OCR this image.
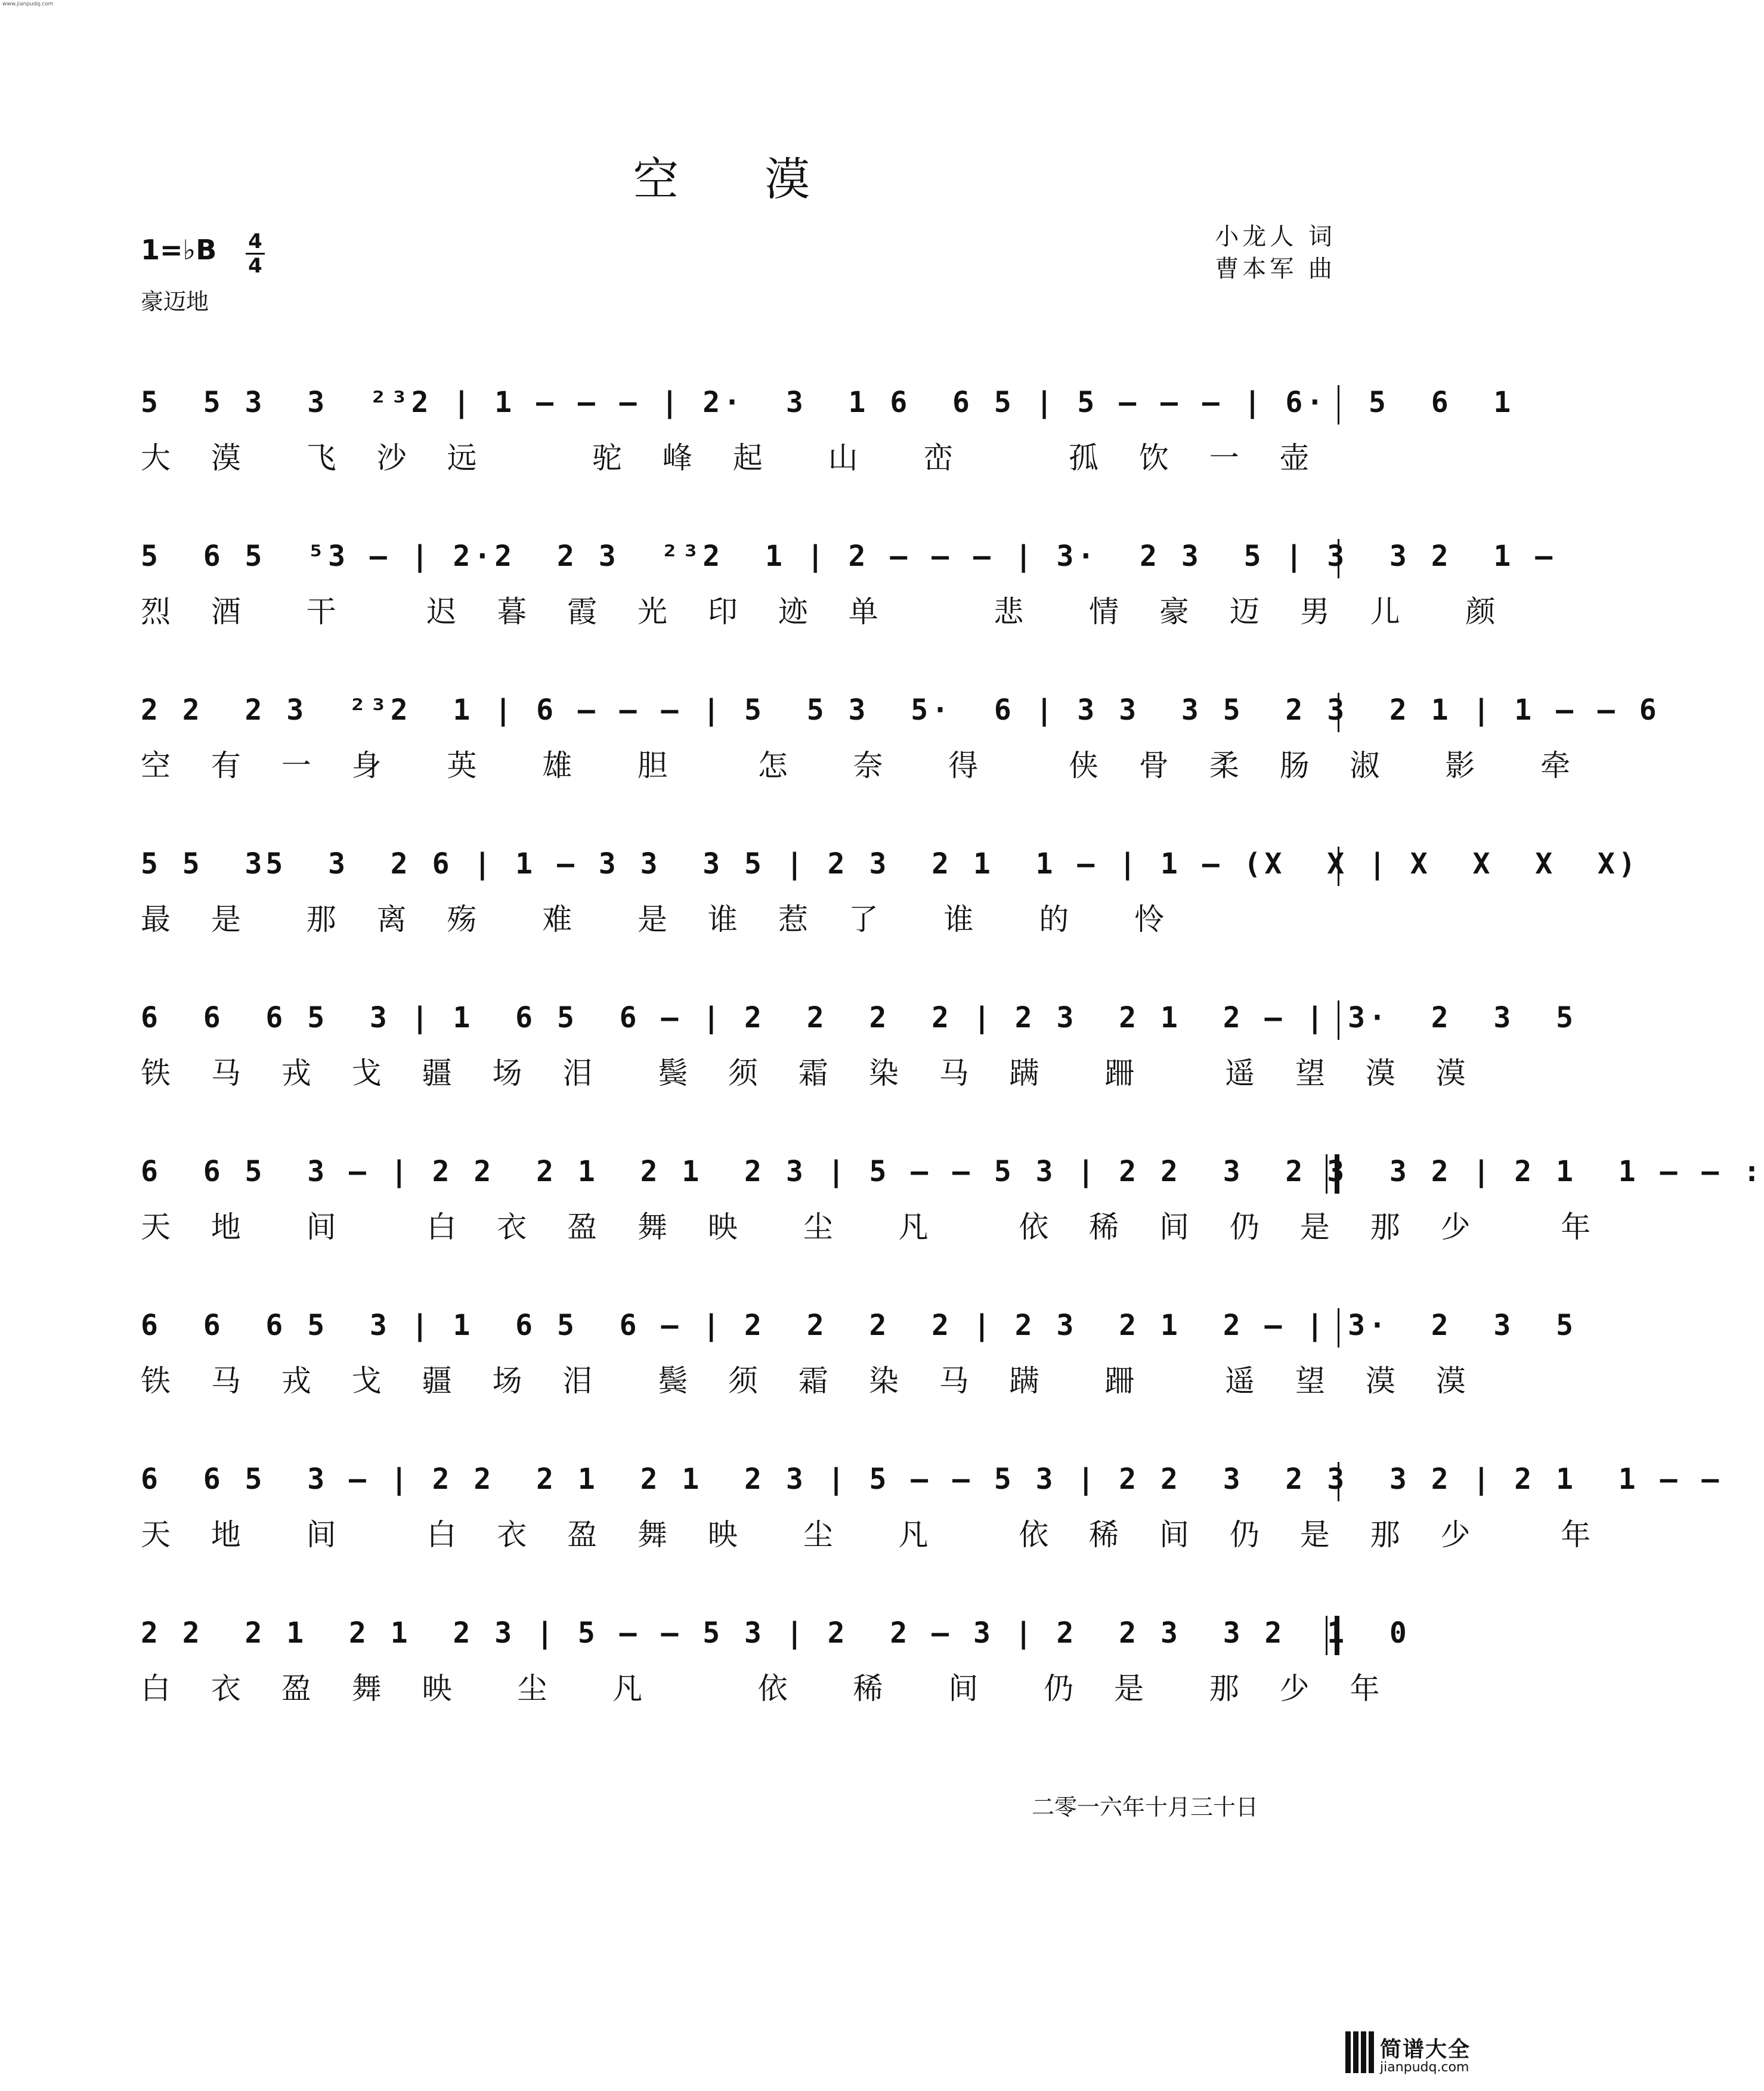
www.jianpudq.com
空 漠
1=♭B 4
4
豪迈地
小龙人 词
曹本军 曲
5  5 3  3  ²³2 | 1 – – – | 2·  3  1 6  6 5 | 5 – – – | 6·  5  6  1
大 漠  飞 沙 远    驼 峰 起  山  峦    孤 饮 一 壶
5  6 5  ⁵3 – | 2·2  2 3  ²³2  1 | 2 – – – | 3·  2 3  5 | 3  3 2  1 –
烈 酒  干   迟 暮 霞 光 印 迹 单    悲  情 豪 迈 男 儿  颜
2 2  2 3  ²³2  1 | 6 – – – | 5  5 3  5·  6 | 3 3  3 5  2 3  2 1 | 1 – – 6
空 有 一 身  英  雄  胆   怎  奈  得   侠 骨 柔 肠 淑  影  牵
5 5  35  3  2 6 | 1 – 3 3  3 5 | 2 3  2 1  1 – | 1 – (X  X | X  X  X  X)
最 是  那 离 殇  难  是 谁 惹 了  谁  的  怜
6  6  6 5  3 | 1  6 5  6 – | 2  2  2  2 | 2 3  2 1  2 – | 3·  2  3  5
铁 马 戎 戈 疆 场 泪  鬓 须 霜 染 马 蹒  跚   遥 望 漠 漠
6  6 5  3 – | 2 2  2 1  2 1  2 3 | 5 – – 5 3 | 2 2  3  2 3  3 2 | 2 1  1 – – :
天 地  间   白 衣 盈 舞 映  尘  凡   依 稀 间 仍 是 那 少   年
6  6  6 5  3 | 1  6 5  6 – | 2  2  2  2 | 2 3  2 1  2 – | 3·  2  3  5
铁 马 戎 戈 疆 场 泪  鬓 须 霜 染 马 蹒  跚   遥 望 漠 漠
6  6 5  3 – | 2 2  2 1  2 1  2 3 | 5 – – 5 3 | 2 2  3  2 3  3 2 | 2 1  1 – –
天 地  间   白 衣 盈 舞 映  尘  凡   依 稀 间 仍 是 那 少   年
2 2  2 1  2 1  2 3 | 5 – – 5 3 | 2  2 – 3 | 2  2 3  3 2  1  0
白 衣 盈 舞 映  尘  凡    依  稀  间  仍 是  那 少 年
二零一六年十月三十日
简谱大全
jianpudq.com
